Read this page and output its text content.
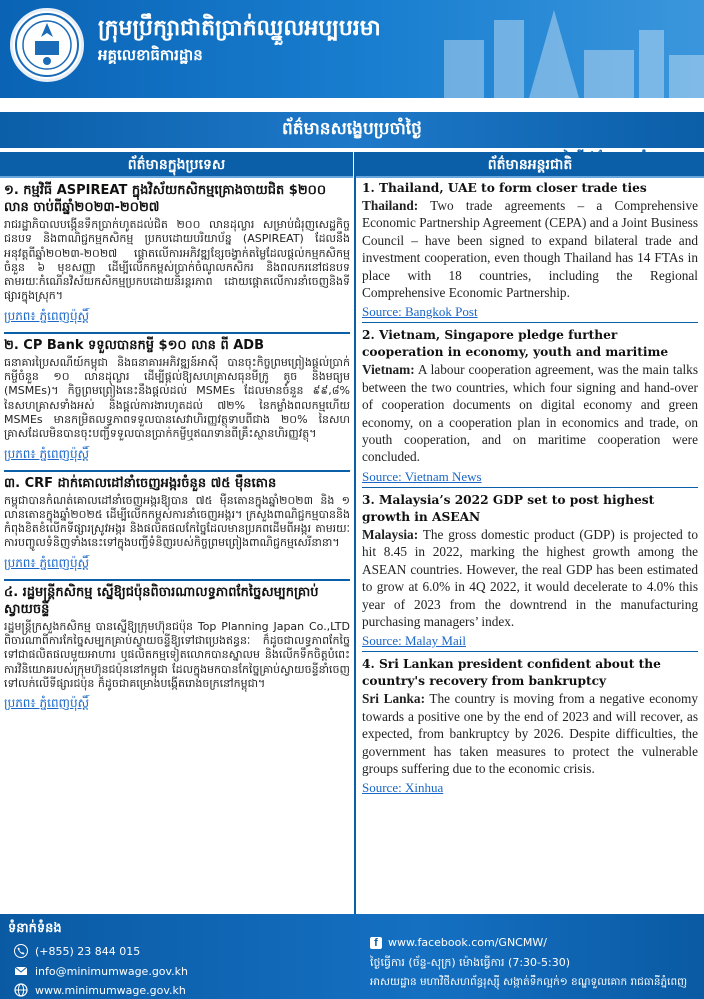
ក្រុមប្រឹក្សាជាតិប្រាក់ឈ្នួលអប្បបរមា
អគ្គលេខាធិការដ្ឋាន
ព័ត៌មានសង្ខេបប្រចាំថ្ងៃ
ព័ត៌មានក្នុងប្រទេស	ព័ត៌មានអន្តរជាតិ
១. កម្មវិធី ASPIREAT ក្នុងវិស័យកសិកម្មគ្រោងចាយជិត $២០០ លាន ចាប់ពីឆ្នាំ២០២៣-២០២៧
រាជរដ្ឋាភិបាលបង្កើនទឹកប្រាក់ហូតដល់ជិត ២០០ លានដុល្លារ សម្រាប់ជំរុញសេដ្ឋកិច្ចជនបទ និងពាណិជ្ជកម្មកសិកម្ម ប្រកបដោយបរិយាប័ន្ន (ASPIREAT) ដែលនឹងអនុវត្តពីឆ្នាំ២០២៣-២០២៧ ផ្តោតលើការអភិវឌ្ឍខ្សែចង្វាក់តម្លៃដែលផ្តល់កម្មកសិកម្មចំនួន ៦ មុខសញ្ញា ដើម្បីលើកកម្ពស់ប្រាក់ចំណូលកសិករ និងពលករនៅជនបទ តាមរយៈកំណើនវិស័យកសិកម្មប្រកបដោយនិរន្តរភាព ដោយផ្តោតលើការនាំចេញនិងទីផ្សារក្នុងស្រុក។
ប្រភព៖ ភ្នំពេញប៉ុស្តិ៍
២. CP Bank ទទួលបានកម្ចី $១០ លាន ពី ADB
ធនាគារប្រៃសណីយ៍កម្ពុជា និងធនាគារអភិវឌ្ឍន៍អាស៊ី បានចុះកិច្ចព្រមព្រៀងផ្តល់ប្រាក់កម្ចីចំនួន ១០ លានដុល្លារ ដើម្បីផ្តល់ឱ្យសហគ្រាសធុនមីក្រូ តូច និងមធ្យម (MSMEs)។ កិច្ចព្រមព្រៀងនេះនឹងផ្តល់ដល់ MSMEs ដែលមានចំនួន ៩៩,៨% នៃសហគ្រាសទាំងអស់ និងផ្តល់ការងារហូតដល់ ៧២% នៃកម្លាំងពលកម្មហើយ MSMEs មានកម្រិតលទ្ធភាពទទួលបានសេវាហិរញ្ញវត្ថុទាបពីជាង ២០% នៃសហគ្រាសដែលមិនបានចុះបញ្ជីទទួលបានប្រាក់កម្ចីឬឥណទានពីគ្រឹះស្ថានហិរញ្ញវត្ថុ។
ប្រភព៖ ភ្នំពេញប៉ុស្តិ៍
៣. CRF ដាក់គោលដៅនាំចេញអង្ករចំនួន ៧៥ ម៉ឺនតោន
កម្ពុជាបានកំណត់គោលដៅនាំចេញអង្ករឱ្យបាន ៧៥ ម៉ឺនតោនក្នុងឆ្នាំ២០២៣ និង ១ លានតោនក្នុងឆ្នាំ២០២៥ ដើម្បីលើកកម្ពស់ការនាំចេញអង្ករ។ ក្រសួងពាណិជ្ជកម្មបាននិងកំពុងខិតខំលើកទីផ្សារស្រូវអង្ករ និងផលិតផលកែច្នៃដែលមានប្រភពដើមពីអង្ករ តាមរយៈការបញ្ចូលទំនិញទាំងនេះទៅក្នុងបញ្ជីទំនិញរបស់កិច្ចព្រមព្រៀងពាណិជ្ជកម្មសេរីនានា។
ប្រភព៖ ភ្នំពេញប៉ុស្តិ៍
៤. រដ្ឋមន្ត្រីកសិកម្ម ស្នើឱ្យជប៉ុនពិចារណាលទ្ធភាពកែច្នៃសម្បកគ្រាប់ស្វាយចន្ទី
រដ្ឋមន្ត្រីក្រសួងកសិកម្ម បានស្នើឱ្យក្រុមហ៊ុនជប៉ុន Top Planning Japan Co.,LTD ពិចារណាពីការកែច្នៃសម្បកគ្រាប់ស្វាយចន្ទីឱ្យទៅជាប្រេងឥន្ធនៈ ក៏ដូចជាលទ្ធភាពកែច្នៃទៅជាផលិតផលមួយអាហារ ឬផលិតកម្មទៀតលោកបានស្នាលម និងលើកទឹកចិត្តបំពេះការវិនិយោគរបស់ក្រុមហ៊ុនជប៉ុននៅកម្ពុជា ដែលក្នុងមកបានកែច្នៃគ្រាប់ស្វាយចន្ទីនាំចេញទៅលក់លើទីផ្សារជប៉ុន ក៏ដូចជាគម្រោងបង្កើតរោងចក្រនៅកម្ពុជា។
ប្រភព៖ ភ្នំពេញប៉ុស្តិ៍
1. Thailand, UAE to form closer trade ties
Thailand: Two trade agreements – a Comprehensive Economic Partnership Agreement (CEPA) and a Joint Business Council – have been signed to expand bilateral trade and investment cooperation, even though Thailand has 14 FTAs in place with 18 countries, including the Regional Comprehensive Economic Partnership.
Source: Bangkok Post
2. Vietnam, Singapore pledge further cooperation in economy, youth and maritime
Vietnam: A labour cooperation agreement, was the main talks between the two countries, which four signing and hand-over of cooperation documents on digital economy and green economy, on a cooperation plan in economics and trade, on youth cooperation, and on maritime cooperation were concluded.
Source: Vietnam News
3. Malaysia’s 2022 GDP set to post highest growth in ASEAN
Malaysia: The gross domestic product (GDP) is projected to hit 8.45 in 2022, marking the highest growth among the ASEAN countries. However, the real GDP has been estimated to grow at 6.0% in 4Q 2022, it would decelerate to 4.0% this year of 2023 from the downtrend in the manufacturing purchasing managers’ index.
Source: Malay Mail
4. Sri Lankan president confident about the country's recovery from bankruptcy
Sri Lanka: The country is moving from a negative economy towards a positive one by the end of 2023 and will recover, as expected, from bankruptcy by 2026. Despite difficulties, the government has taken measures to protect the vulnerable groups suffering due to the economic crisis.
Source: Xinhua
ទំនាក់ទំនង
(+855) 23 844 015
info@minimumwage.gov.kh
www.minimumwage.gov.kh
f www.facebook.com/GNCMW/
ថ្ងៃធ្វើការ (ច័ន្ទ-សុក្រ) ម៉ោងធ្វើការ (7:30-5:30)
អាសយដ្ឋាន មហាវិថីសហព័ន្ធរុស្ស៊ី សង្កាត់ទឹកល្អក់១ ខណ្ឌទួលគោក រាជធានីភ្នំពេញ
